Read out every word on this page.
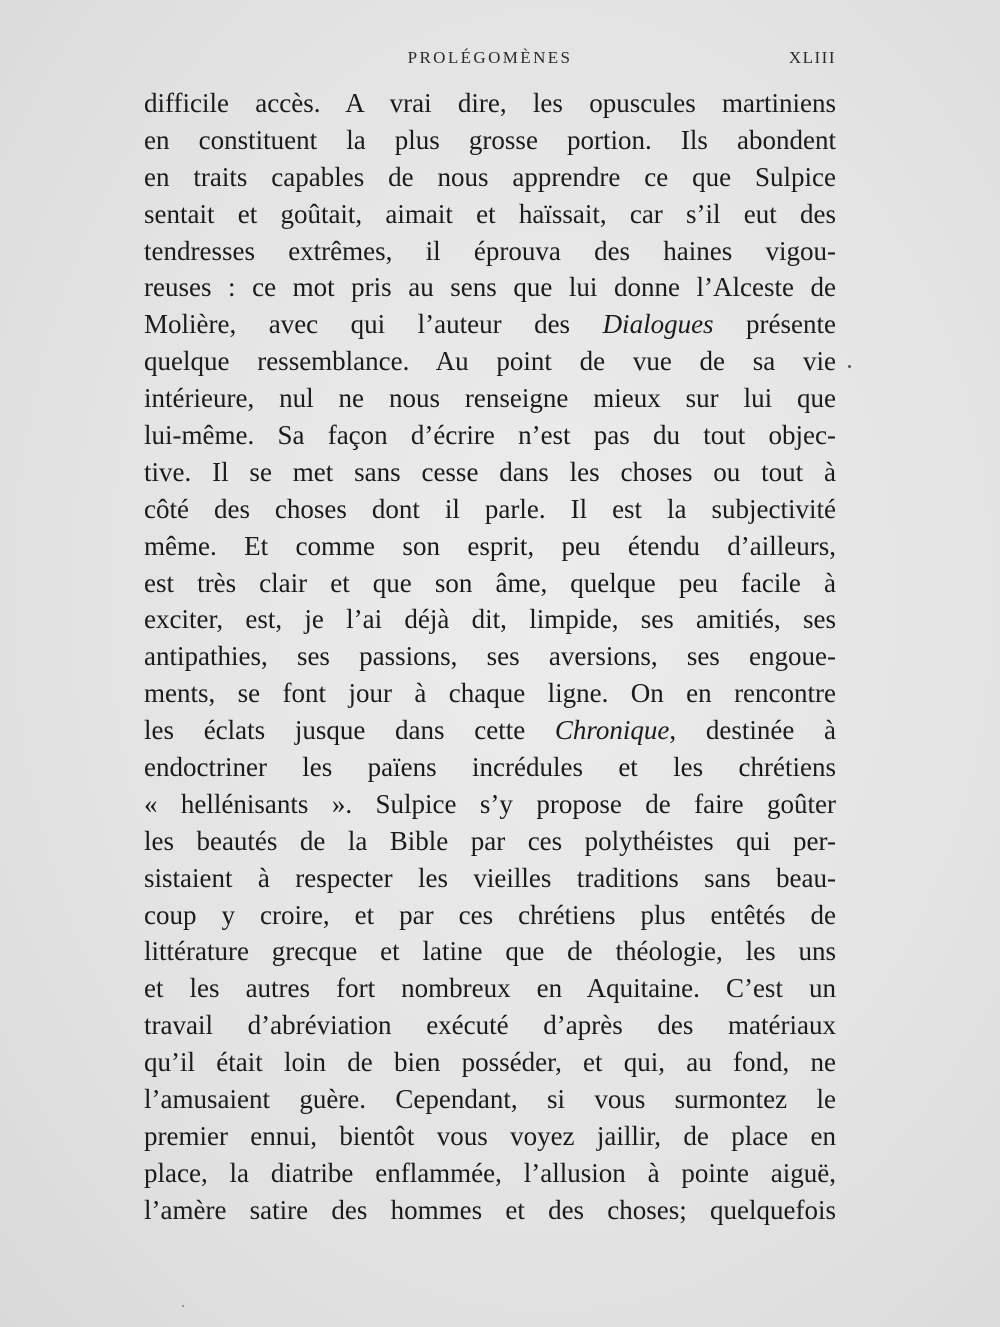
PROLÉGOMÈNES	XLIII
difficile accès. A vrai dire, les opuscules martiniens
en constituent la plus grosse portion. Ils abondent
en traits capables de nous apprendre ce que Sulpice
sentait et goûtait, aimait et haïssait, car s’il eut des
tendresses extrêmes, il éprouva des haines vigou-
reuses : ce mot pris au sens que lui donne l’Alceste de
Molière, avec qui l’auteur des Dialogues présente
quelque ressemblance. Au point de vue de sa vie
intérieure, nul ne nous renseigne mieux sur lui que
lui-même. Sa façon d’écrire n’est pas du tout objec-
tive. Il se met sans cesse dans les choses ou tout à
côté des choses dont il parle. Il est la subjectivité
même. Et comme son esprit, peu étendu d’ailleurs,
est très clair et que son âme, quelque peu facile à
exciter, est, je l’ai déjà dit, limpide, ses amitiés, ses
antipathies, ses passions, ses aversions, ses engoue-
ments, se font jour à chaque ligne. On en rencontre
les éclats jusque dans cette Chronique, destinée à
endoctriner les païens incrédules et les chrétiens
« hellénisants ». Sulpice s’y propose de faire goûter
les beautés de la Bible par ces polythéistes qui per-
sistaient à respecter les vieilles traditions sans beau-
coup y croire, et par ces chrétiens plus entêtés de
littérature grecque et latine que de théologie, les uns
et les autres fort nombreux en Aquitaine. C’est un
travail d’abréviation exécuté d’après des matériaux
qu’il était loin de bien posséder, et qui, au fond, ne
l’amusaient guère. Cependant, si vous surmontez le
premier ennui, bientôt vous voyez jaillir, de place en
place, la diatribe enflammée, l’allusion à pointe aiguë,
l’amère satire des hommes et des choses; quelquefois
